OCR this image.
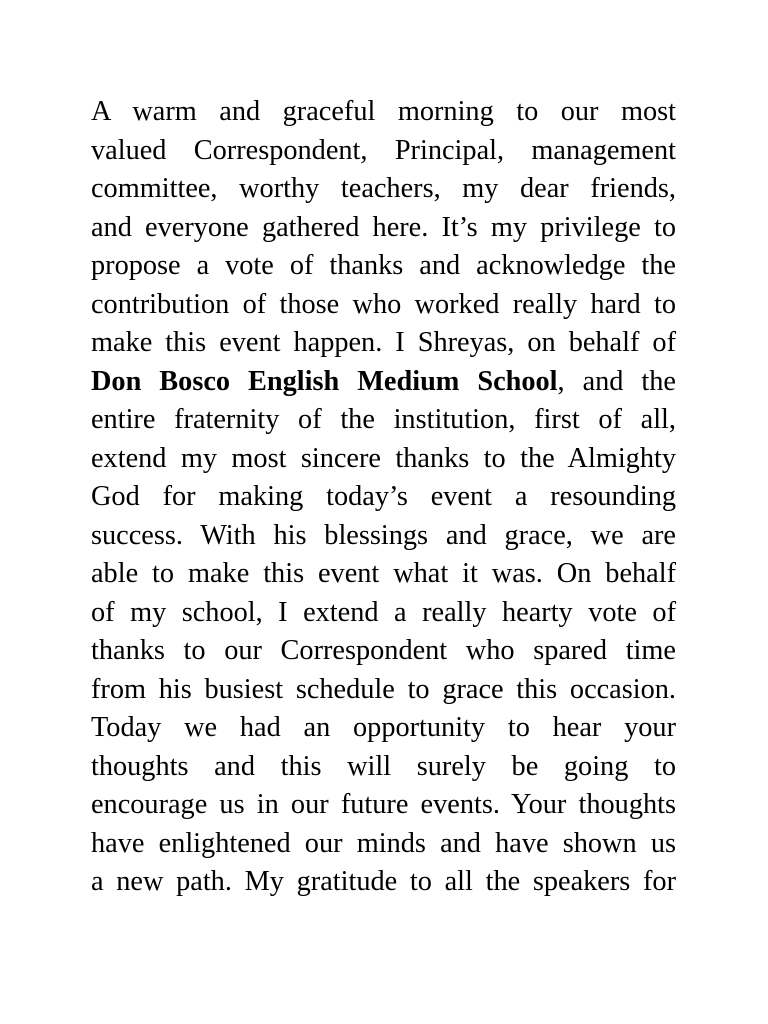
A warm and graceful morning to our most
valued Correspondent, Principal, management
committee, worthy teachers, my dear friends,
and everyone gathered here. It’s my privilege to
propose a vote of thanks and acknowledge the
contribution of those who worked really hard to
make this event happen. I Shreyas, on behalf of
Don Bosco English Medium School, and the
entire fraternity of the institution, first of all,
extend my most sincere thanks to the Almighty
God for making today’s event a resounding
success. With his blessings and grace, we are
able to make this event what it was. On behalf
of my school, I extend a really hearty vote of
thanks to our Correspondent who spared time
from his busiest schedule to grace this occasion.
Today we had an opportunity to hear your
thoughts and this will surely be going to
encourage us in our future events. Your thoughts
have enlightened our minds and have shown us
a new path. My gratitude to all the speakers for
